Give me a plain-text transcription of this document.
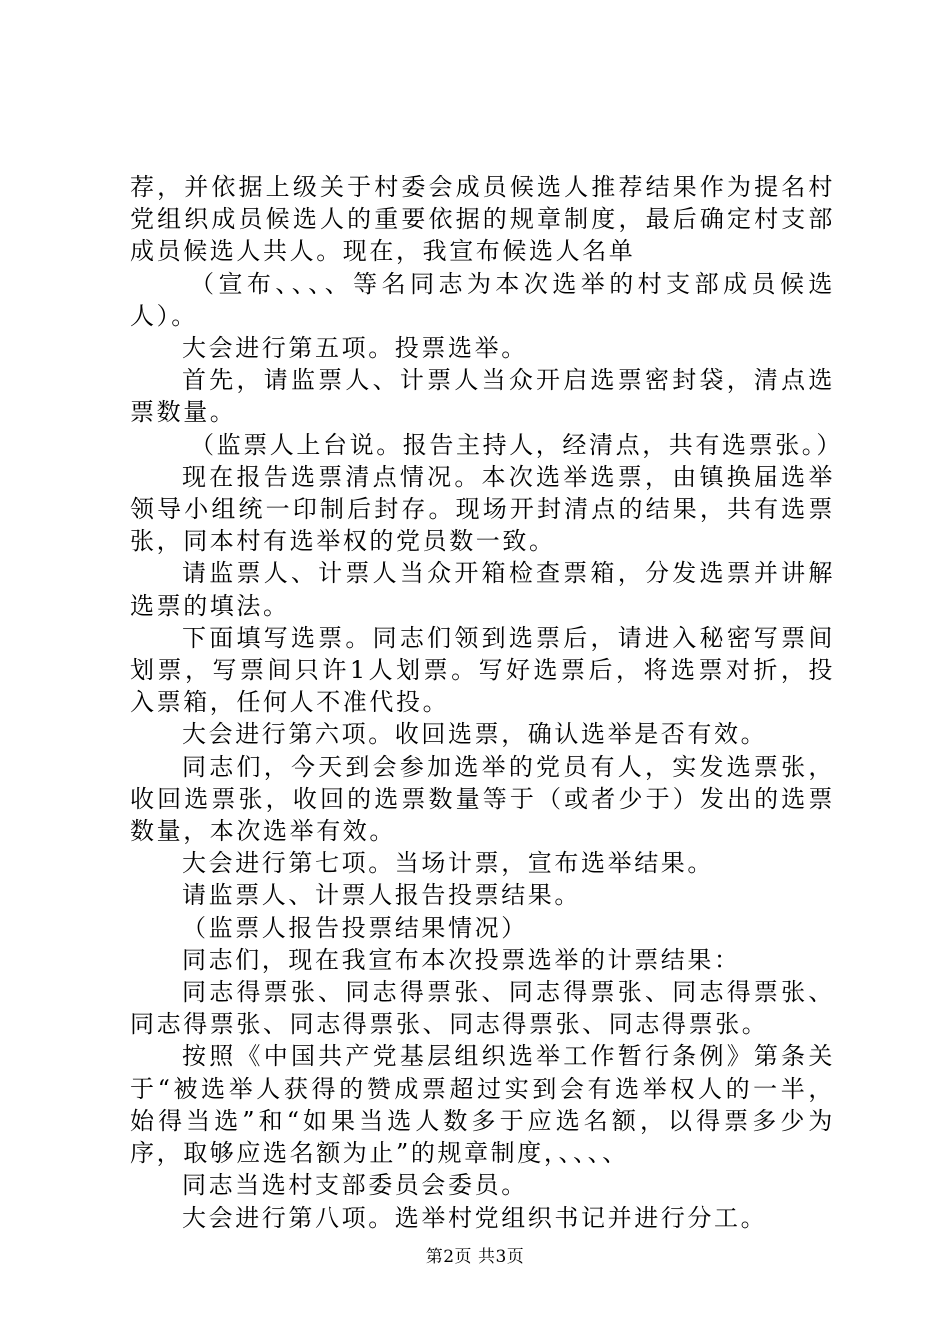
荐，并依据上级关于村委会成员候选人推荐结果作为提名村党组织成员候选人的重要依据的规章制度，最后确定村支部成员候选人共人。现在，我宣布候选人名单

（宣布、、、、等名同志为本次选举的村支部成员候选人）。

大会进行第五项。投票选举。

首先，请监票人、计票人当众开启选票密封袋，清点选票数量。

（监票人上台说。报告主持人，经清点，共有选票张。）

现在报告选票清点情况。本次选举选票，由镇换届选举领导小组统一印制后封存。现场开封清点的结果，共有选票张，同本村有选举权的党员数一致。

请监票人、计票人当众开箱检查票箱，分发选票并讲解选票的填法。

下面填写选票。同志们领到选票后，请进入秘密写票间划票，写票间只许1人划票。写好选票后，将选票对折，投入票箱，任何人不准代投。

大会进行第六项。收回选票，确认选举是否有效。

同志们，今天到会参加选举的党员有人，实发选票张，收回选票张，收回的选票数量等于（或者少于）发出的选票数量，本次选举有效。

大会进行第七项。当场计票，宣布选举结果。

请监票人、计票人报告投票结果。

（监票人报告投票结果情况）

同志们，现在我宣布本次投票选举的计票结果：

同志得票张、同志得票张、同志得票张、同志得票张、同志得票张、同志得票张、同志得票张、同志得票张。

按照《中国共产党基层组织选举工作暂行条例》第条关于“被选举人获得的赞成票超过实到会有选举权人的一半，始得当选”和“如果当选人数多于应选名额，以得票多少为序，取够应选名额为止”的规章制度，、、、、

同志当选村支部委员会委员。

大会进行第八项。选举村党组织书记并进行分工。

第2页 共3页
